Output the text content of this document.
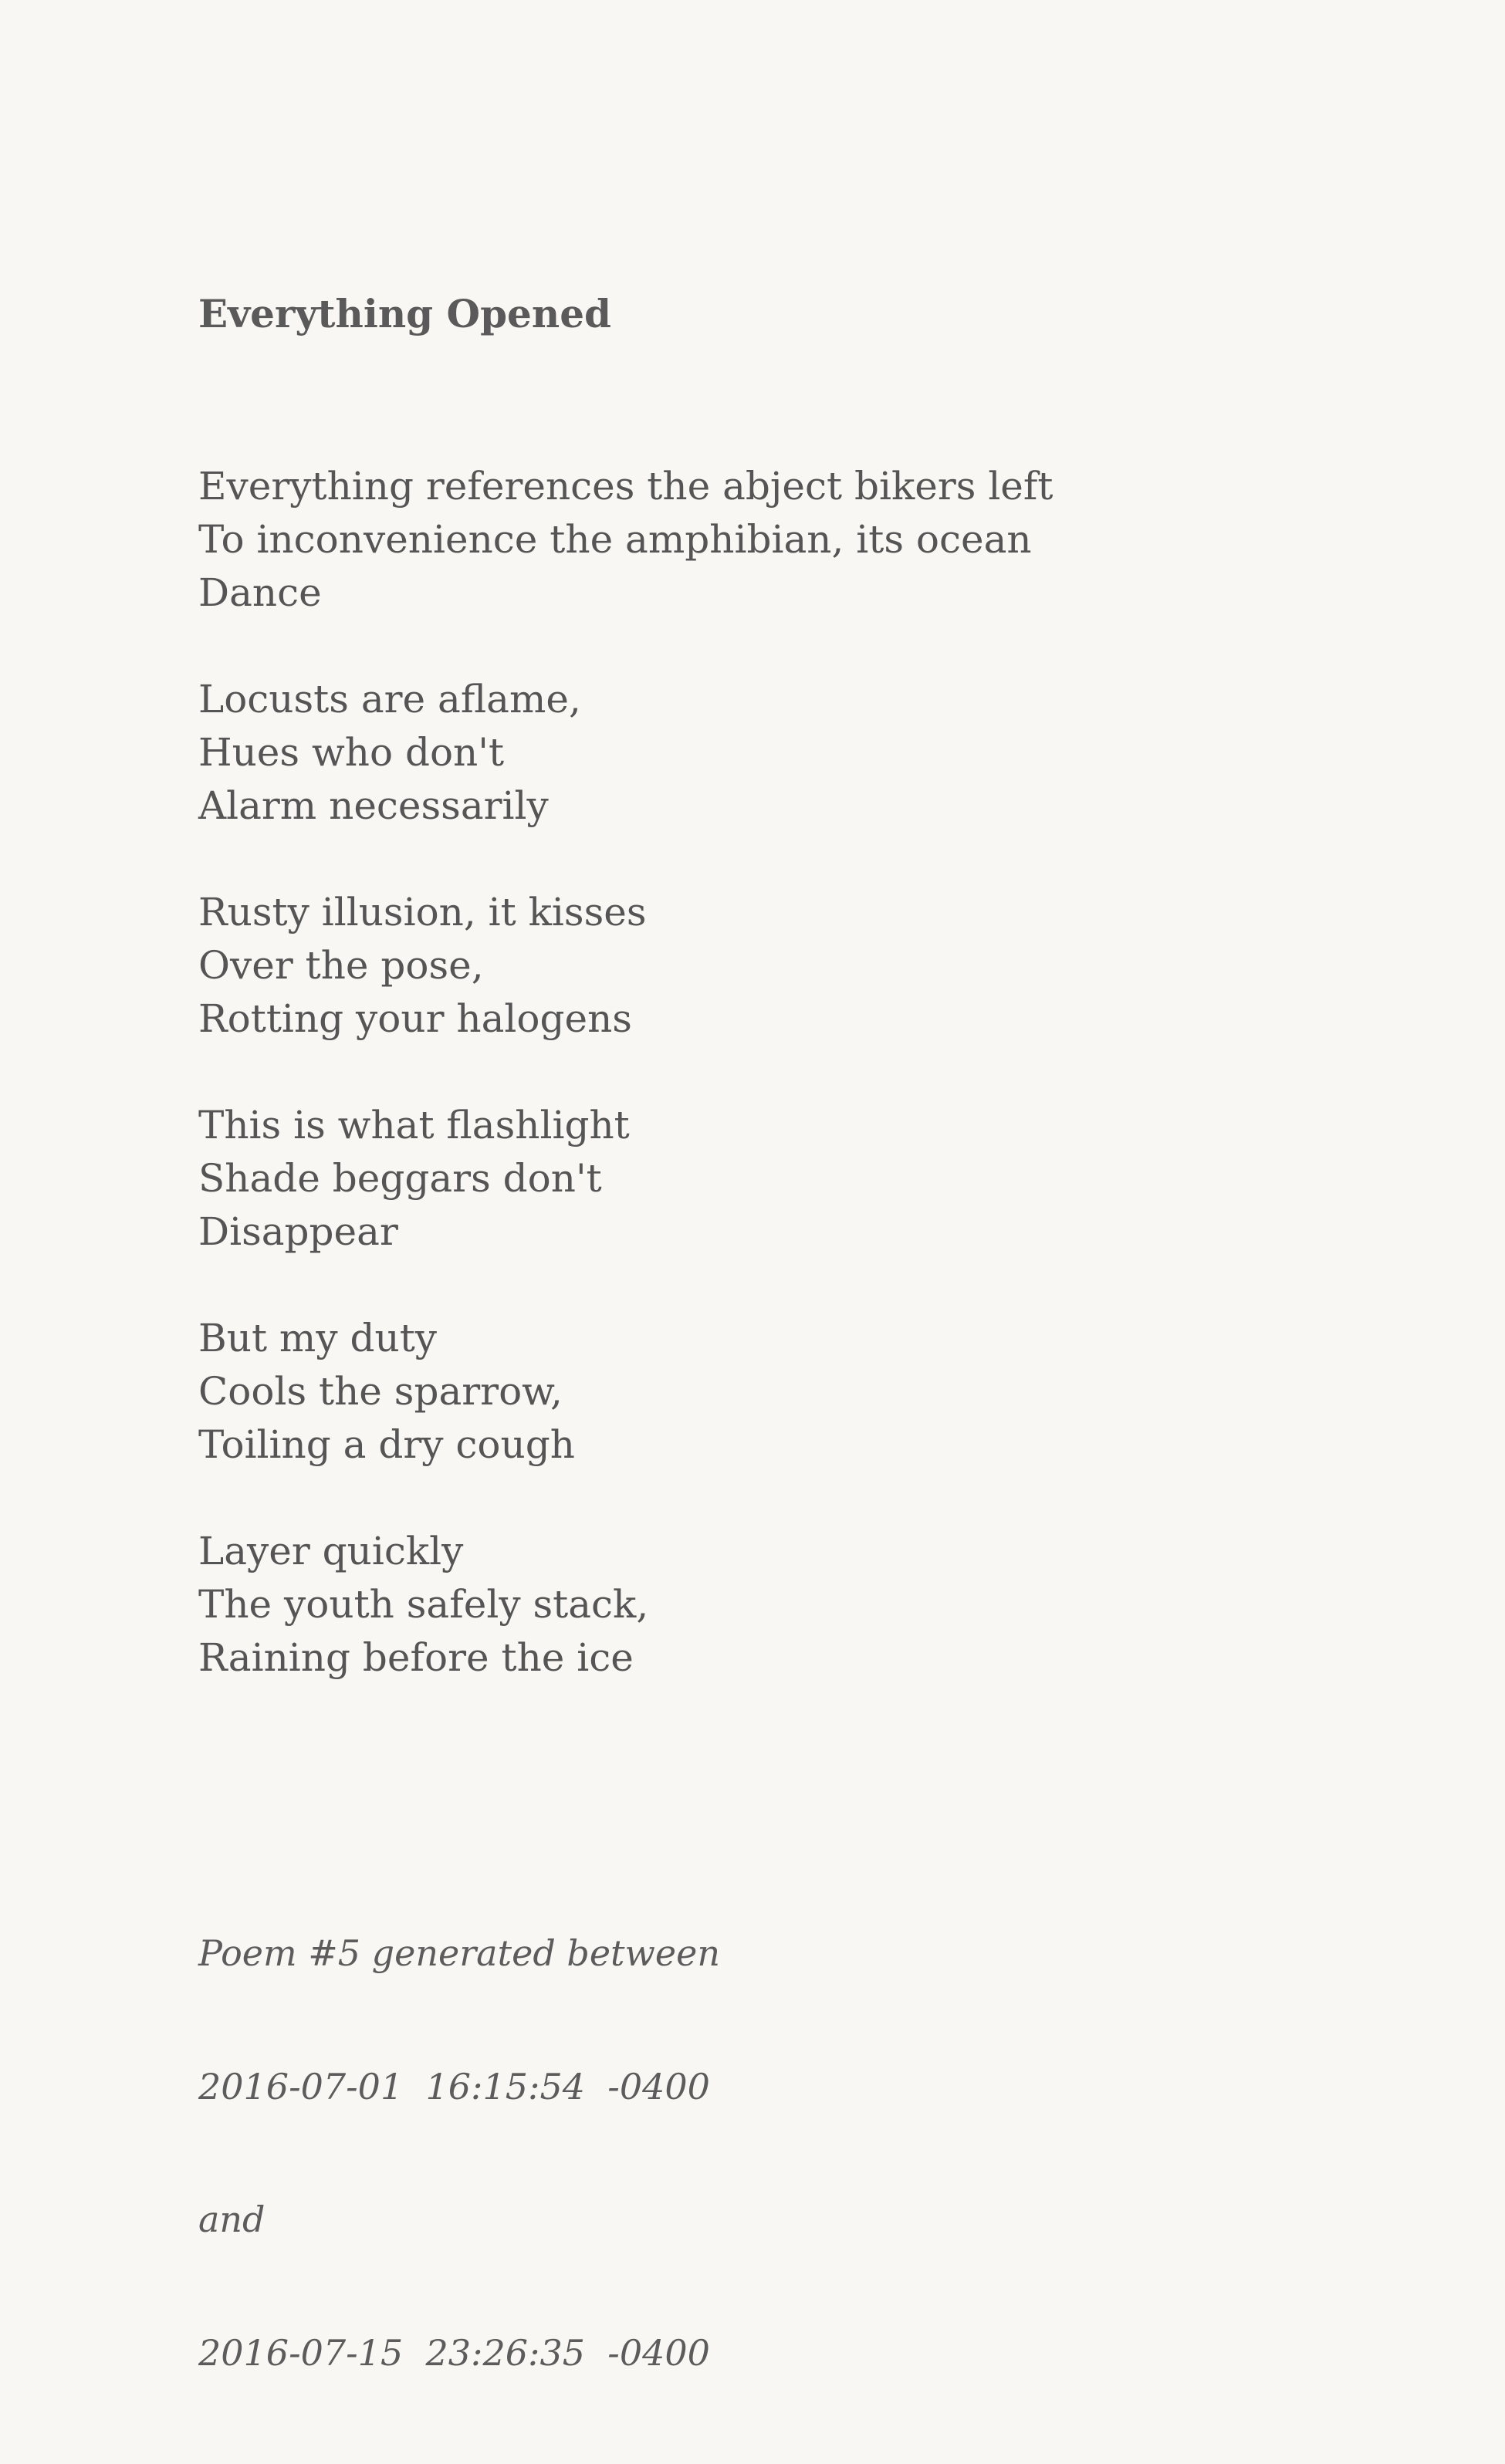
Everything Opened
Everything references the abject bikers left
To inconvenience the amphibian, its ocean
Dance
Locusts are aflame,
Hues who don't
Alarm necessarily
Rusty illusion, it kisses
Over the pose,
Rotting your halogens
This is what flashlight
Shade beggars don't
Disappear
But my duty
Cools the sparrow,
Toiling a dry cough
Layer quickly
The youth safely stack,
Raining before the ice

Poem #5 generated between

2016-07-01  16:15:54  -0400

and

2016-07-15  23:26:35  -0400
